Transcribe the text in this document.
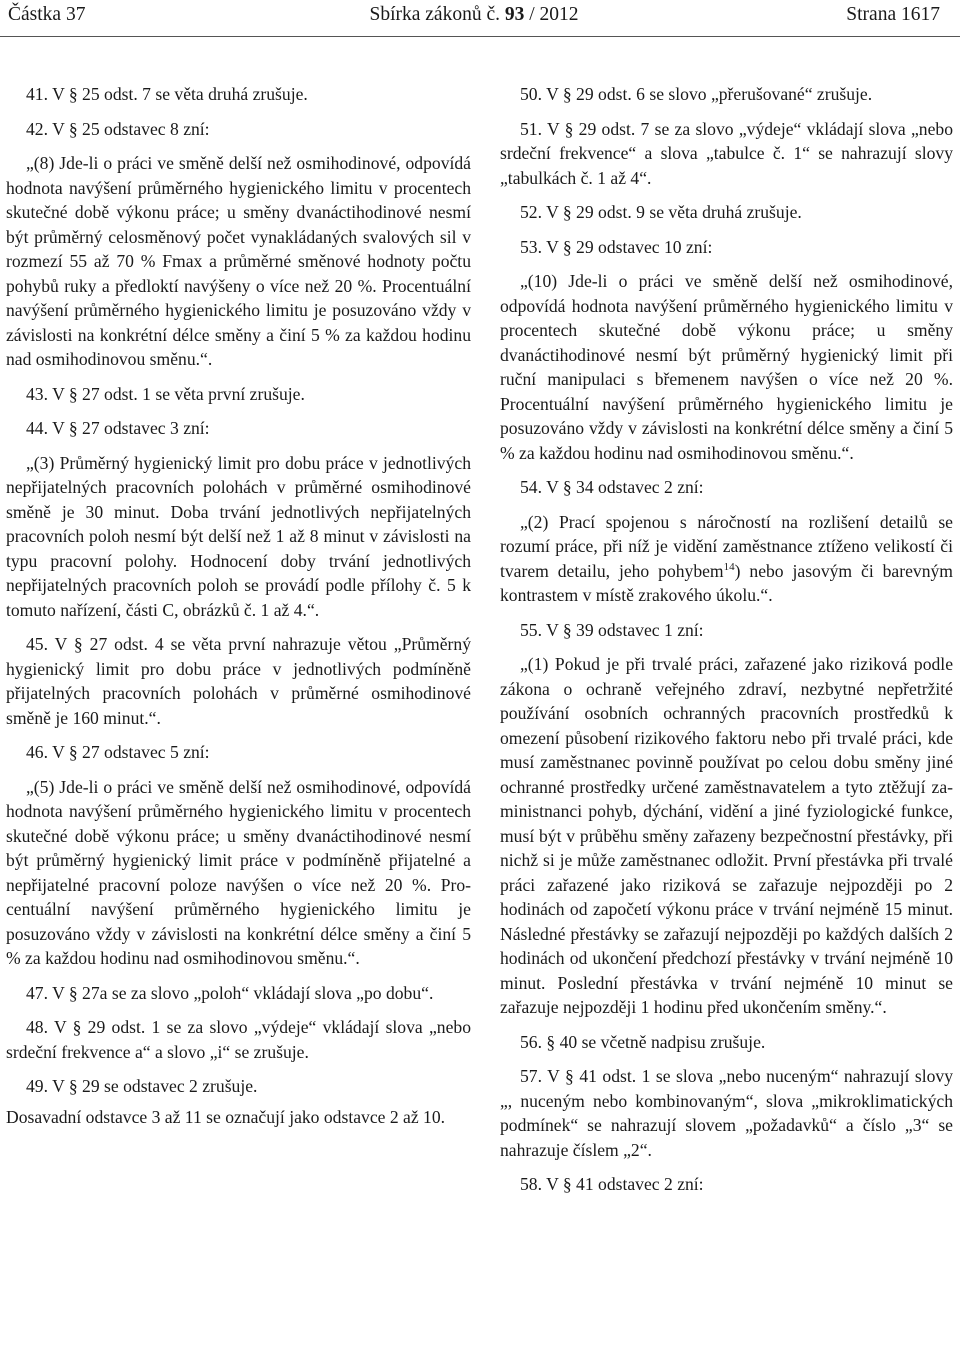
Částka 37	Sbírka zákonů č. 93 / 2012	Strana 1617

41. V § 25 odst. 7 se věta druhá zrušuje.

42. V § 25 odstavec 8 zní:

„(8) Jde-li o práci ve směně delší než osmihodinové, odpovídá hodnota navýšení průměrného hygienického limitu v procentech skutečné době výkonu práce; u směny dvanáctihodinové nesmí být průměrný celosměnový počet vynakládaných svalových sil v rozmezí 55 až 70 % Fmax a průměrné směnové hodnoty počtu pohybů ruky a předloktí navýšeny o více než 20 %. Procentuální navýšení průměrného hygienického limitu je posuzováno vždy v závislosti na konkrétní délce směny a činí 5 % za každou hodinu nad osmihodinovou směnu.“.

43. V § 27 odst. 1 se věta první zrušuje.

44. V § 27 odstavec 3 zní:

„(3) Průměrný hygienický limit pro dobu práce v jednotlivých nepřijatelných pracovních polohách v průměrné osmihodinové směně je 30 minut. Doba trvání jednotlivých nepřijatelných pracovních poloh nesmí být delší než 1 až 8 minut v závislosti na typu pracovní polohy. Hodnocení doby trvání jednotlivých nepřijatelných pracovních poloh se provádí podle přílohy č. 5 k tomuto nařízení, části C, obrázků č. 1 až 4.“.

45. V § 27 odst. 4 se věta první nahrazuje větou „Průměrný hygienický limit pro dobu práce v jednotlivých podmíněně přijatelných pracovních polohách v průměrné osmihodinové směně je 160 minut.“.

46. V § 27 odstavec 5 zní:

„(5) Jde-li o práci ve směně delší než osmihodinové, odpovídá hodnota navýšení průměrného hygienického limitu v procentech skutečné době výkonu práce; u směny dvanáctihodinové nesmí být průměrný hygienický limit práce v podmíněně přijatelné a nepřijatelné pracovní poloze navýšen o více než 20 %. Procentuální navýšení průměrného hygienického limitu je posuzováno vždy v závislosti na konkrétní délce směny a činí 5 % za každou hodinu nad osmihodinovou směnu.“.

47. V § 27a se za slovo „poloh“ vkládají slova „po dobu“.

48. V § 29 odst. 1 se za slovo „výdeje“ vkládají slova „nebo srdeční frekvence a“ a slovo „i“ se zrušuje.

49. V § 29 se odstavec 2 zrušuje.

Dosavadní odstavce 3 až 11 se označují jako odstavce 2 až 10.

50. V § 29 odst. 6 se slovo „přerušované“ zrušuje.

51. V § 29 odst. 7 se za slovo „výdeje“ vkládají slova „nebo srdeční frekvence“ a slova „tabulce č. 1“ se nahrazují slovy „tabulkách č. 1 až 4“.

52. V § 29 odst. 9 se věta druhá zrušuje.

53. V § 29 odstavec 10 zní:

„(10) Jde-li o práci ve směně delší než osmihodinové, odpovídá hodnota navýšení průměrného hygienického limitu v procentech skutečné době výkonu práce; u směny dvanáctihodinové nesmí být průměrný hygienický limit při ruční manipulaci s břemenem navýšen o více než 20 %. Procentuální navýšení průměrného hygienického limitu je posuzováno vždy v závislosti na konkrétní délce směny a činí 5 % za každou hodinu nad osmihodinovou směnu.“.

54. V § 34 odstavec 2 zní:

„(2) Prací spojenou s náročností na rozlišení detailů se rozumí práce, při níž je vidění zaměstnance ztíženo velikostí či tvarem detailu, jeho pohybem$^{14}$) nebo jasovým či barevným kontrastem v místě zrakového úkolu.“.

55. V § 39 odstavec 1 zní:

„(1) Pokud je při trvalé práci, zařazené jako riziková podle zákona o ochraně veřejného zdraví, nezbytné nepřetržité používání osobních ochranných pracovních prostředků k omezení působení rizikového faktoru nebo při trvalé práci, kde musí zaměstnanec povinně používat po celou dobu směny jiné ochranné prostředky určené zaměstnavatelem a tyto ztěžují zaministnanci pohyb, dýchání, vidění a jiné fyziologické funkce, musí být v průběhu směny zařazeny bezpečnostní přestávky, při nichž si je může zaměstnanec odložit. První přestávka při trvalé práci zařazené jako riziková se zařazuje nejpozději po 2 hodinách od započetí výkonu práce v trvání nejméně 15 minut. Následné přestávky se zařazují nejpozději po každých dalších 2 hodinách od ukončení předchozí přestávky v trvání nejméně 10 minut. Poslední přestávka v trvání nejméně 10 minut se zařazuje nejpozději 1 hodinu před ukončením směny.“.

56. § 40 se včetně nadpisu zrušuje.

57. V § 41 odst. 1 se slova „nebo nuceným“ nahrazují slovy „, nuceným nebo kombinovaným“, slova „mikroklimatických podmínek“ se nahrazují slovem „požadavků“ a číslo „3“ se nahrazuje číslem „2“.

58. V § 41 odstavec 2 zní:
